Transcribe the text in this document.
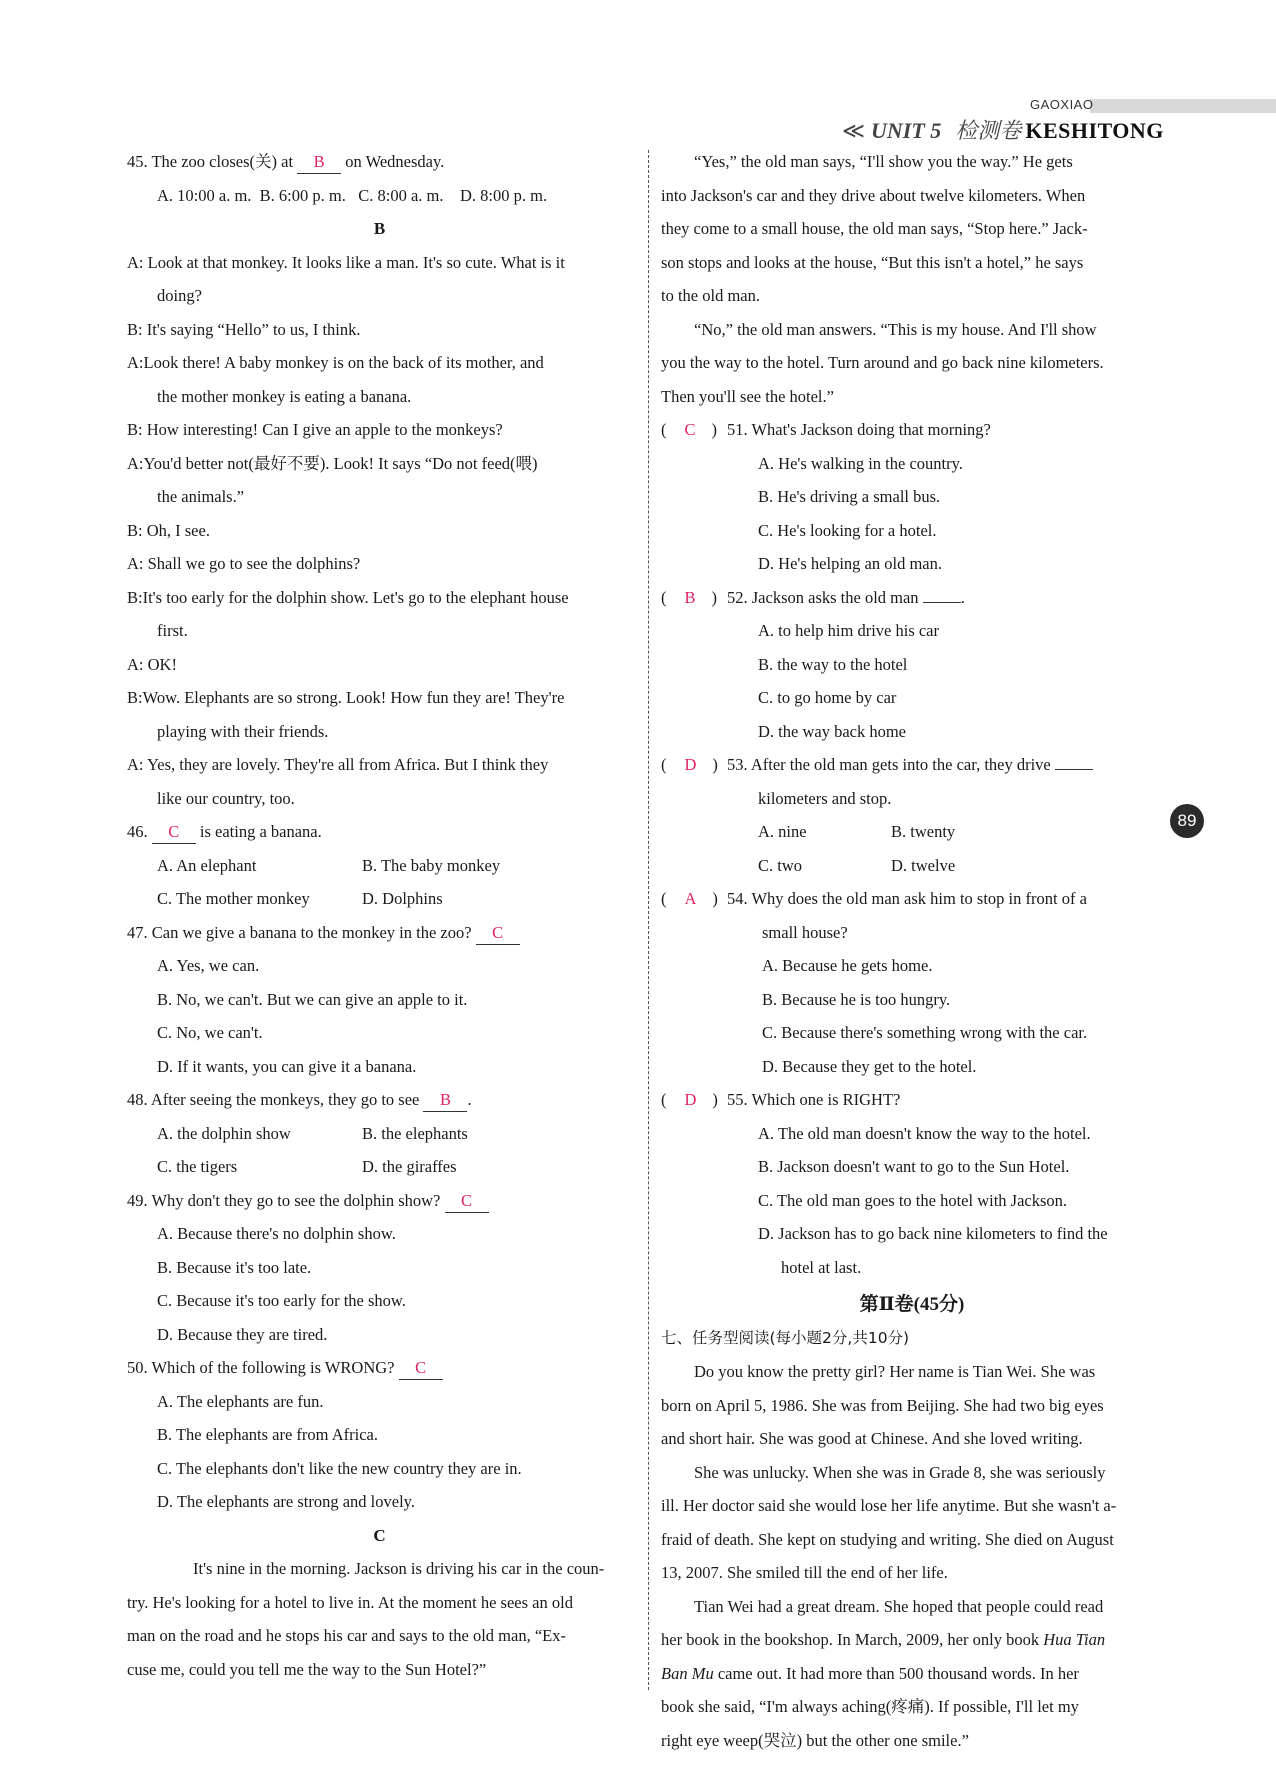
GAOXIAO
≪ UNIT 5 检测卷 KESHITONG
89
45. The zoo closes(关) at B on Wednesday.
A. 10:00 a. m. B. 6:00 p. m. C. 8:00 a. m. D. 8:00 p. m.
B
A: Look at that monkey. It looks like a man. It's so cute. What is it
doing?
B: It's saying “Hello” to us, I think.
A:Look there! A baby monkey is on the back of its mother, and
the mother monkey is eating a banana.
B: How interesting! Can I give an apple to the monkeys?
A:You'd better not(最好不要). Look! It says “Do not feed(喂)
the animals.”
B: Oh, I see.
A: Shall we go to see the dolphins?
B:It's too early for the dolphin show. Let's go to the elephant house
first.
A: OK!
B:Wow. Elephants are so strong. Look! How fun they are! They're
playing with their friends.
A: Yes, they are lovely. They're all from Africa. But I think they
like our country, too.
46. C is eating a banana.
A. An elephant	B. The baby monkey
C. The mother monkey	D. Dolphins
47. Can we give a banana to the monkey in the zoo? C
A. Yes, we can.
B. No, we can't. But we can give an apple to it.
C. No, we can't.
D. If it wants, you can give it a banana.
48. After seeing the monkeys, they go to see B .
A. the dolphin show	B. the elephants
C. the tigers	D. the giraffes
49. Why don't they go to see the dolphin show? C
A. Because there's no dolphin show.
B. Because it's too late.
C. Because it's too early for the show.
D. Because they are tired.
50. Which of the following is WRONG? C
A. The elephants are fun.
B. The elephants are from Africa.
C. The elephants don't like the new country they are in.
D. The elephants are strong and lovely.
C
It's nine in the morning. Jackson is driving his car in the coun-
try. He's looking for a hotel to live in. At the moment he sees an old
man on the road and he stops his car and says to the old man, “Ex-
cuse me, could you tell me the way to the Sun Hotel?”
“Yes,” the old man says, “I'll show you the way.” He gets
into Jackson's car and they drive about twelve kilometers. When
they come to a small house, the old man says, “Stop here.” Jack-
son stops and looks at the house, “But this isn't a hotel,” he says
to the old man.
“No,” the old man answers. “This is my house. And I'll show
you the way to the hotel. Turn around and go back nine kilometers.
Then you'll see the hotel.”
( C ) 51. What's Jackson doing that morning?
A. He's walking in the country.
B. He's driving a small bus.
C. He's looking for a hotel.
D. He's helping an old man.
( B ) 52. Jackson asks the old man	.
A. to help him drive his car
B. the way to the hotel
C. to go home by car
D. the way back home
( D ) 53. After the old man gets into the car, they drive
kilometers and stop.
A. nine	B. twenty
C. two	D. twelve
( A ) 54. Why does the old man ask him to stop in front of a
small house?
A. Because he gets home.
B. Because he is too hungry.
C. Because there's something wrong with the car.
D. Because they get to the hotel.
( D ) 55. Which one is RIGHT?
A. The old man doesn't know the way to the hotel.
B. Jackson doesn't want to go to the Sun Hotel.
C. The old man goes to the hotel with Jackson.
D. Jackson has to go back nine kilometers to find the
hotel at last.
第Ⅱ卷(45分)
七、任务型阅读(每小题2分,共10分)
Do you know the pretty girl? Her name is Tian Wei. She was
born on April 5, 1986. She was from Beijing. She had two big eyes
and short hair. She was good at Chinese. And she loved writing.
She was unlucky. When she was in Grade 8, she was seriously
ill. Her doctor said she would lose her life anytime. But she wasn't a-
fraid of death. She kept on studying and writing. She died on August
13, 2007. She smiled till the end of her life.
Tian Wei had a great dream. She hoped that people could read
her book in the bookshop. In March, 2009, her only book Hua Tian
Ban Mu came out. It had more than 500 thousand words. In her
book she said, “I'm always aching(疼痛). If possible, I'll let my
right eye weep(哭泣) but the other one smile.”
